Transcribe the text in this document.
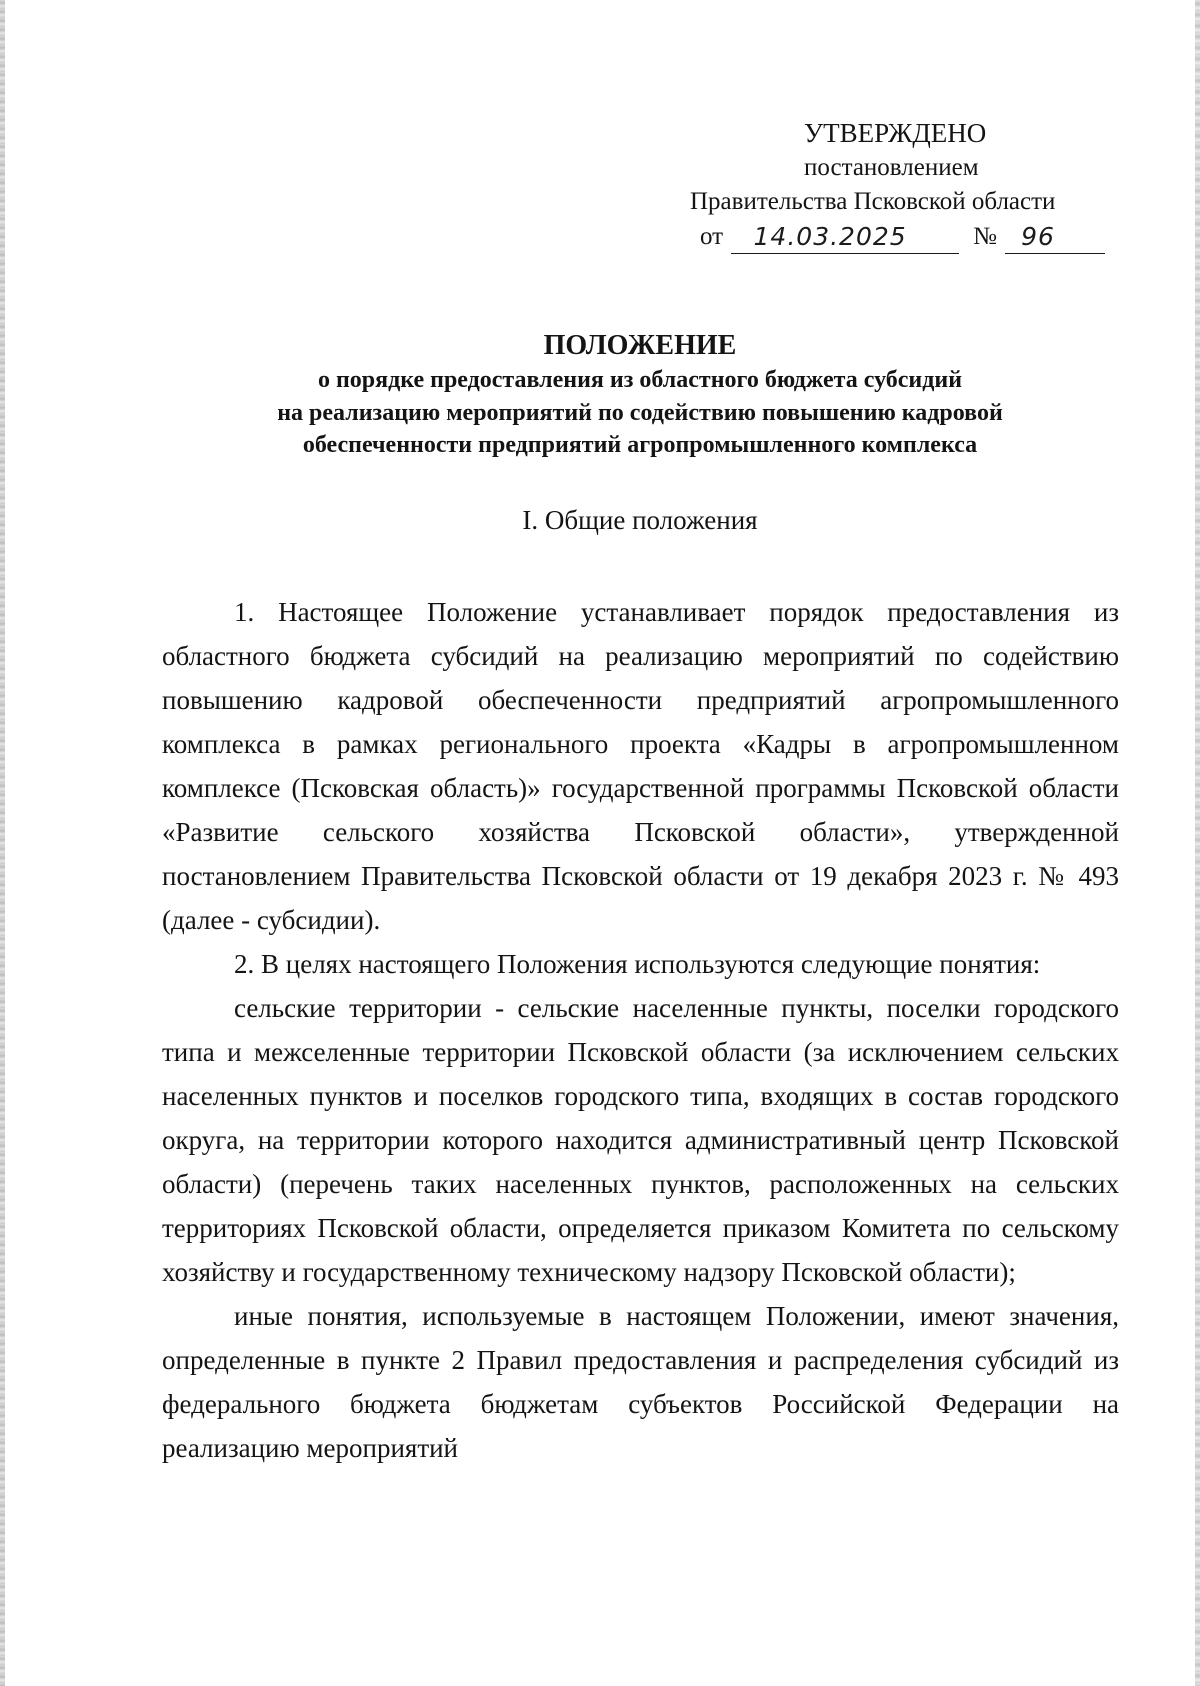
УТВЕРЖДЕНО
постановлением
Правительства Псковской области
от 14.03.2025	№ 96
ПОЛОЖЕНИЕ
о порядке предоставления из областного бюджета субсидий
на реализацию мероприятий по содействию повышению кадровой
обеспеченности предприятий агропромышленного комплекса
I. Общие положения

1. Настоящее Положение устанавливает порядок предоставления из областного бюджета субсидий на реализацию мероприятий по содействию повышению кадровой обеспеченности предприятий агропромышленного комплекса в рамках регионального проекта «Кадры в агропромышленном комплексе (Псковская область)» государственной программы Псковской области «Развитие сельского хозяйства Псковской области», утвержденной постановлением Правительства Псковской области от 19 декабря 2023 г. № 493 (далее - субсидии).

2. В целях настоящего Положения используются следующие понятия:

сельские территории - сельские населенные пункты, поселки городского типа и межселенные территории Псковской области (за исключением сельских населенных пунктов и поселков городского типа, входящих в состав городского округа, на территории которого находится административный центр Псковской области) (перечень таких населенных пунктов, расположенных на сельских территориях Псковской области, определяется приказом Комитета по сельскому хозяйству и государственному техническому надзору Псковской области);

иные понятия, используемые в настоящем Положении, имеют значения, определенные в пункте 2 Правил предоставления и распределения субсидий из федерального бюджета бюджетам субъектов Российской Федерации на реализацию мероприятий
